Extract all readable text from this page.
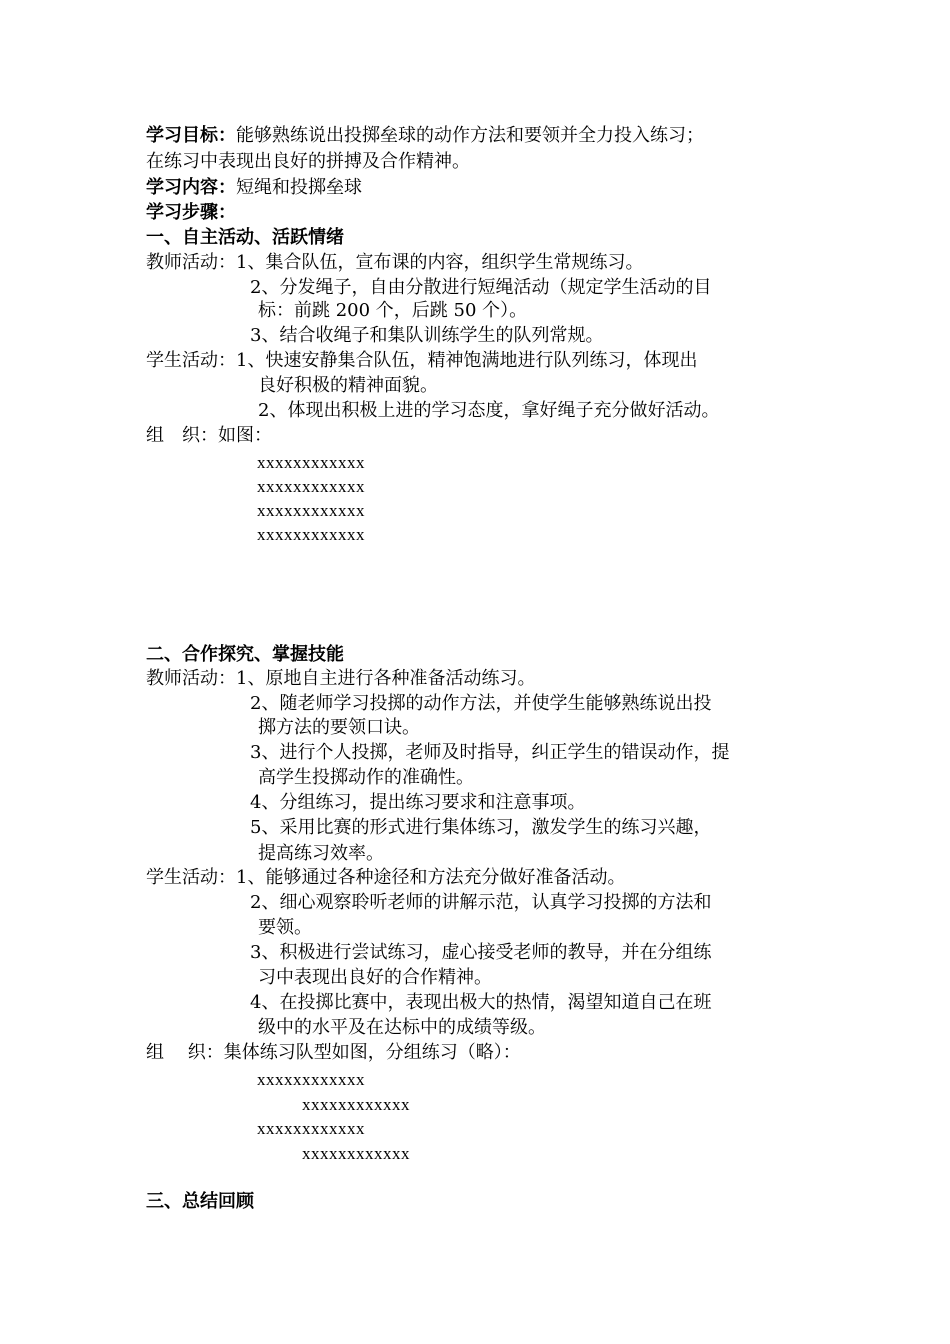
学习目标：能够熟练说出投掷垒球的动作方法和要领并全力投入练习；
在练习中表现出良好的拼搏及合作精神。
学习内容：短绳和投掷垒球
学习步骤：
一、自主活动、活跃情绪
教师活动：1、集合队伍，宣布课的内容，组织学生常规练习。
2、分发绳子，自由分散进行短绳活动（规定学生活动的目
标：前跳 200 个，后跳 50 个）。
3、结合收绳子和集队训练学生的队列常规。
学生活动：1、快速安静集合队伍，精神饱满地进行队列练习，体现出
良好积极的精神面貌。
2、体现出积极上进的学习态度，拿好绳子充分做好活动。
组　织：如图：
xxxxxxxxxxxx
xxxxxxxxxxxx
xxxxxxxxxxxx
xxxxxxxxxxxx
二、合作探究、掌握技能
教师活动：1、原地自主进行各种准备活动练习。
2、随老师学习投掷的动作方法，并使学生能够熟练说出投
掷方法的要领口诀。
3、进行个人投掷，老师及时指导，纠正学生的错误动作，提
高学生投掷动作的准确性。
4、分组练习，提出练习要求和注意事项。
5、采用比赛的形式进行集体练习，激发学生的练习兴趣，
提高练习效率。
学生活动：1、能够通过各种途径和方法充分做好准备活动。
2、细心观察聆听老师的讲解示范，认真学习投掷的方法和
要领。
3、积极进行尝试练习，虚心接受老师的教导，并在分组练
习中表现出良好的合作精神。
4、在投掷比赛中，表现出极大的热情，渴望知道自己在班
级中的水平及在达标中的成绩等级。
组　 织：集体练习队型如图，分组练习（略）：
xxxxxxxxxxxx
xxxxxxxxxxxx
xxxxxxxxxxxx
xxxxxxxxxxxx
三、总结回顾
